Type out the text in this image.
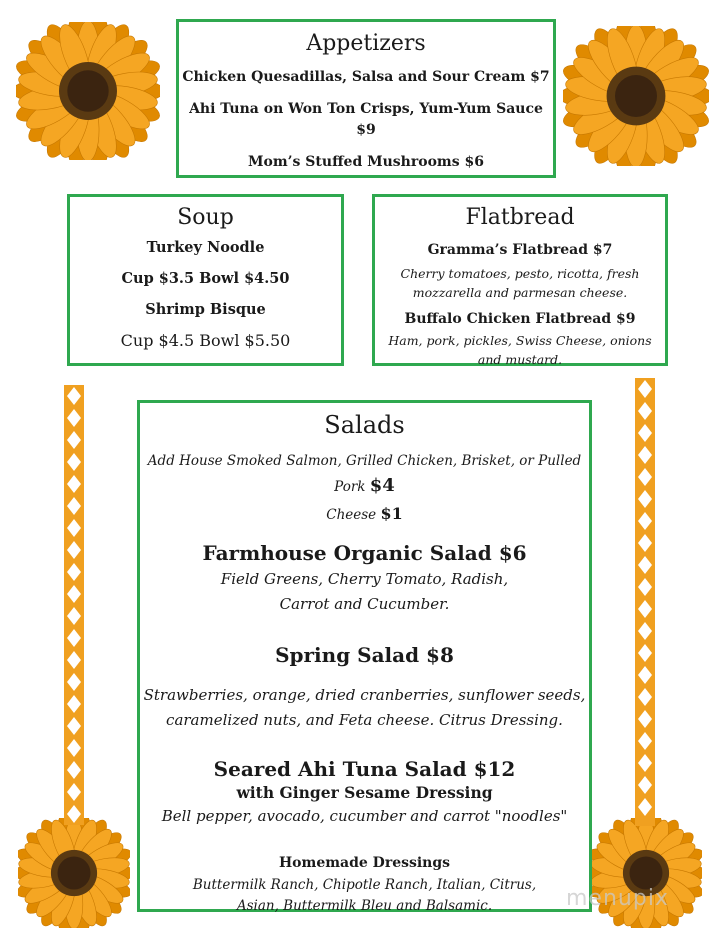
Appetizers

Chicken Quesadillas, Salsa and Sour Cream $7

Ahi Tuna on Won Ton Crisps, Yum-Yum Sauce $9

Mom’s Stuffed Mushrooms $6

Soup

Turkey Noodle

Cup $3.5 Bowl $4.50

Shrimp Bisque

Cup $4.5 Bowl $5.50

Flatbread

Gramma’s Flatbread $7

Cherry tomatoes, pesto, ricotta, fresh mozzarella and parmesan cheese.

Buffalo Chicken Flatbread $9

Ham, pork, pickles, Swiss Cheese, onions and mustard.

Salads

Add House Smoked Salmon, Grilled Chicken, Brisket, or Pulled Pork $4

Cheese $1

Farmhouse Organic Salad $6

Field Greens, Cherry Tomato, Radish,

Carrot and Cucumber.

Spring Salad $8

Strawberries, orange, dried cranberries, sunflower seeds,

caramelized nuts, and Feta cheese. Citrus Dressing.

Seared Ahi Tuna Salad $12

with Ginger Sesame Dressing

Bell pepper, avocado, cucumber and carrot "noodles"

Homemade Dressings

Buttermilk Ranch, Chipotle Ranch, Italian, Citrus,

Asian, Buttermilk Bleu and Balsamic.	menupix
